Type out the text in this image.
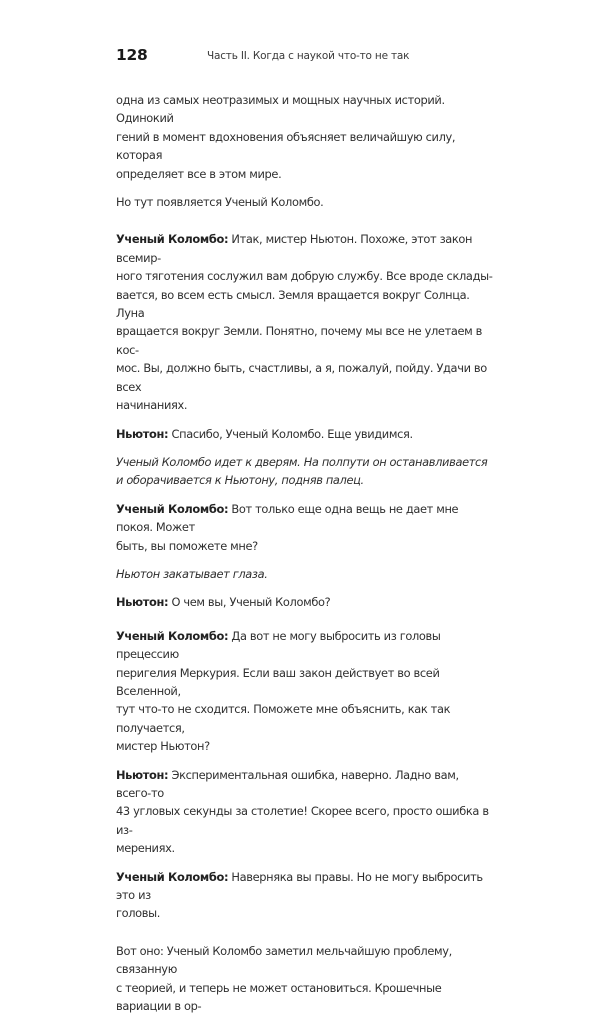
128	Часть II. Когда с наукой что-то не так

одна из самых неотразимых и мощных научных историй. Одинокий

гений в момент вдохновения объясняет величайшую силу, которая

определяет все в этом мире.

Но тут появляется Ученый Коломбо.

Ученый Коломбо: Итак, мистер Ньютон. Похоже, этот закон всемир-

ного тяготения сослужил вам добрую службу. Все вроде склады-

вается, во всем есть смысл. Земля вращается вокруг Солнца. Луна

вращается вокруг Земли. Понятно, почему мы все не улетаем в кос-

мос. Вы, должно быть, счастливы, а я, пожалуй, пойду. Удачи во всех

начинаниях.

Ньютон: Спасибо, Ученый Коломбо. Еще увидимся.

Ученый Коломбо идет к дверям. На полпути он останавливается

и оборачивается к Ньютону, подняв палец.

Ученый Коломбо: Вот только еще одна вещь не дает мне покоя. Может

быть, вы поможете мне?

Ньютон закатывает глаза.

Ньютон: О чем вы, Ученый Коломбо?

Ученый Коломбо: Да вот не могу выбросить из головы прецессию

перигелия Меркурия. Если ваш закон действует во всей Вселенной,

тут что-то не сходится. Поможете мне объяснить, как так получается,

мистер Ньютон?

Ньютон: Экспериментальная ошибка, наверно. Ладно вам, всего-то

43 угловых секунды за столетие! Скорее всего, просто ошибка в из-

мерениях.

Ученый Коломбо: Наверняка вы правы. Но не могу выбросить это из

головы.

Вот оно: Ученый Коломбо заметил мельчайшую проблему, связанную

с теорией, и теперь не может остановиться. Крошечные вариации в ор-
